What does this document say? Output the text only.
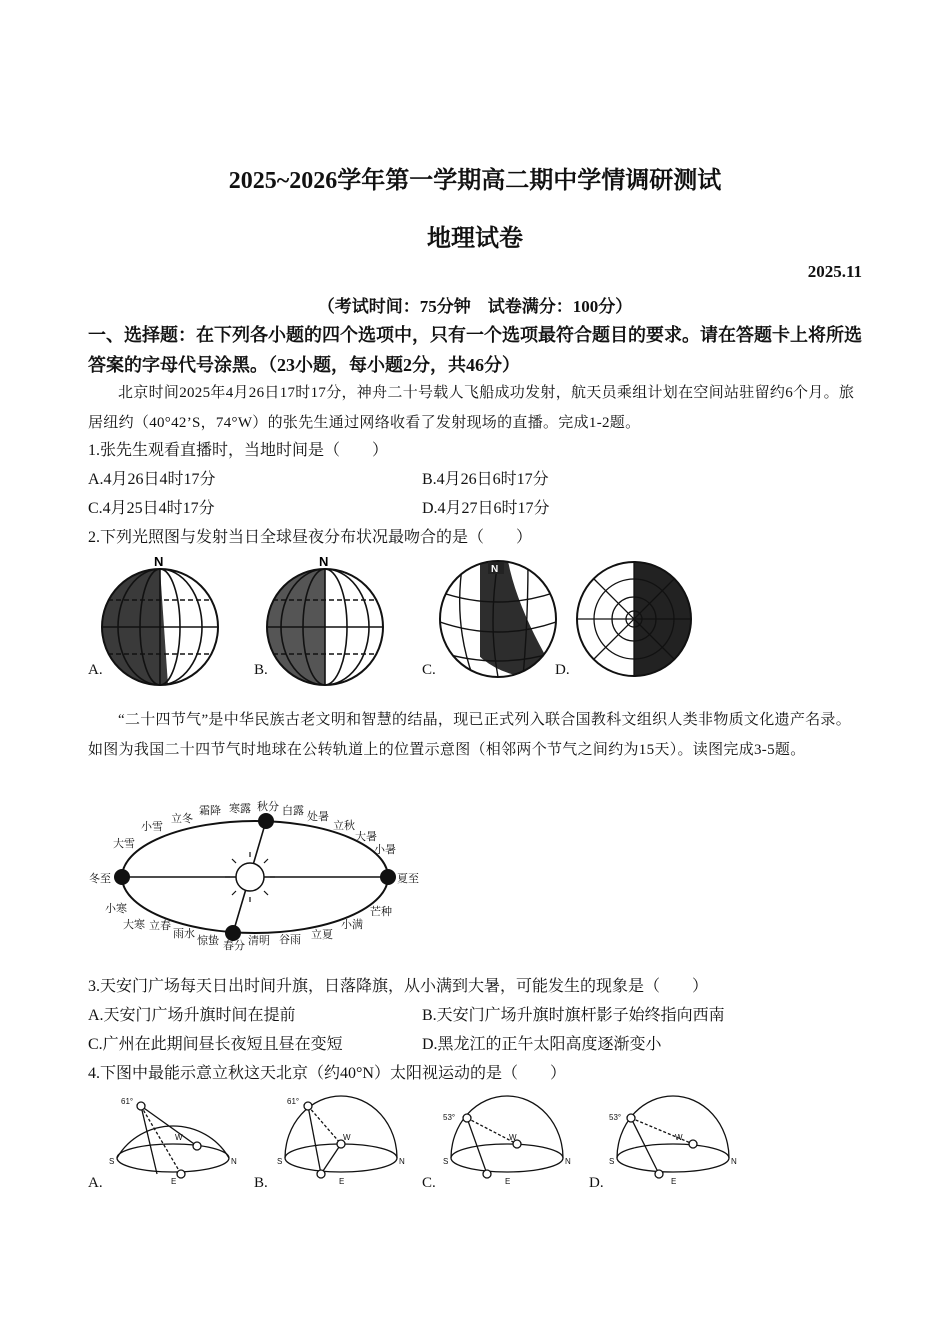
2025~2026学年第一学期高二期中学情调研测试
地理试卷
2025.11
（考试时间：75分钟　试卷满分：100分）
一、选择题：在下列各小题的四个选项中，只有一个选项最符合题目的要求。请在答题卡上将所选答案的字母代号涂黑。（23小题，每小题2分，共46分）
北京时间2025年4月26日17时17分，神舟二十号载人飞船成功发射，航天员乘组计划在空间站驻留约6个月。旅居纽约（40°42’S，74°W）的张先生通过网络收看了发射现场的直播。完成1-2题。
1.张先生观看直播时，当地时间是（　　）
A.4月26日4时17分	B.4月26日6时17分
C.4月25日4时17分	D.4月27日6时17分
2.下列光照图与发射当日全球昼夜分布状况最吻合的是（　　）
N	N
N
A.	B.	C.	D.
“二十四节气”是中华民族古老文明和智慧的结晶，现已正式列入联合国教科文组织人类非物质文化遗产名录。如图为我国二十四节气时地球在公转轨道上的位置示意图（相邻两个节气之间约为15天）。读图完成3-5题。
小雪
立冬
霜降 寒露 秋分 白露 处暑
立秋
大暑
小暑
大雪
冬至
小寒
大寒
夏至
芒种
立春
雨水
惊蛰 春分 清明 谷雨 立夏
小满
3.天安门广场每天日出时间升旗，日落降旗，从小满到大暑，可能发生的现象是（　　）
A.天安门广场升旗时间在提前	B.天安门广场升旗时旗杆影子始终指向西南
C.广州在此期间昼长夜短且昼在变短	D.黑龙江的正午太阳高度逐渐变小
4.下图中最能示意立秋这天北京（约40°N）太阳视运动的是（　　）
61°	61°
53°	53°
S	N
W
E
S	N
W
E
S	N
W
E
S	N
W
E
A.	B.	C.	D.
